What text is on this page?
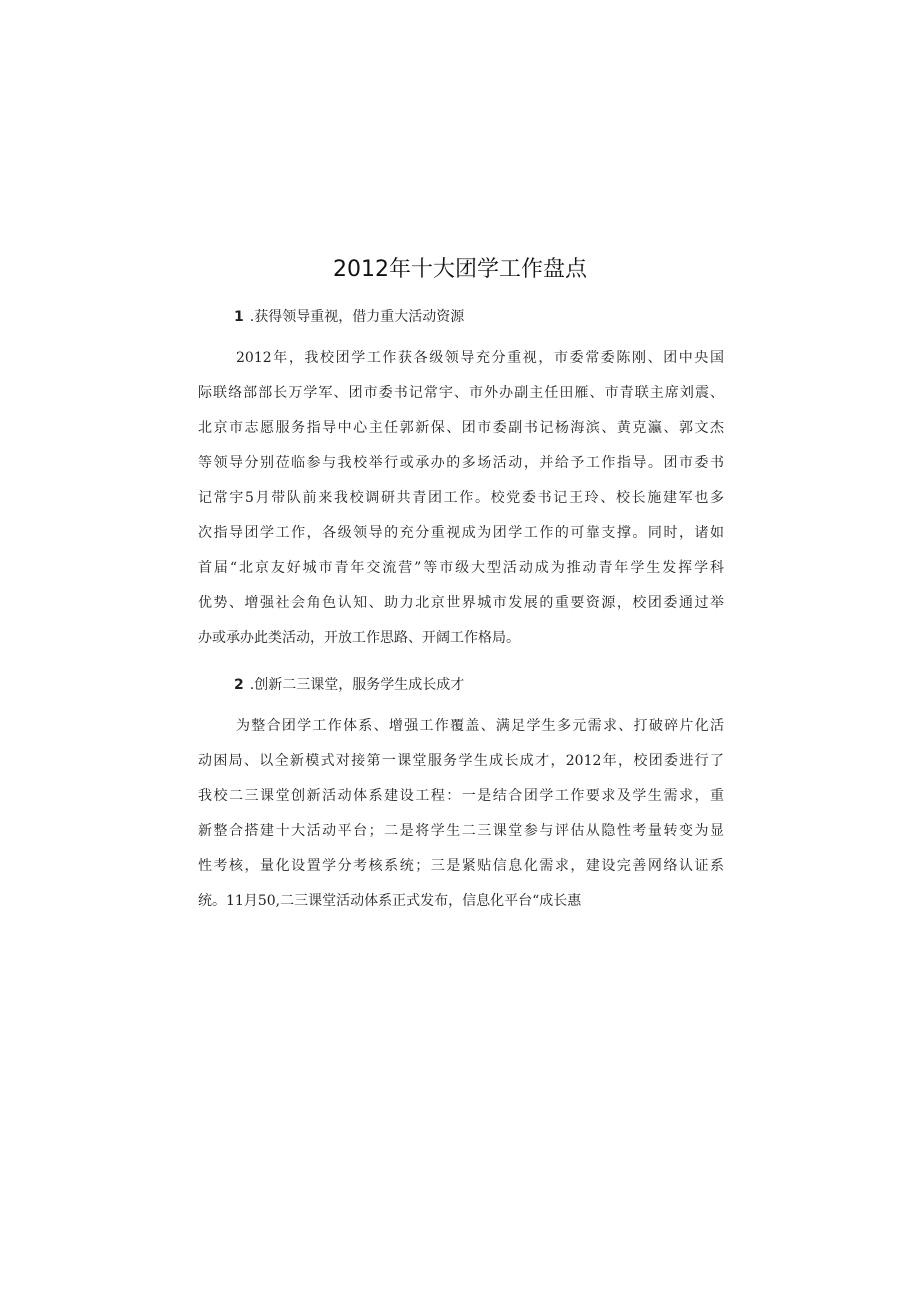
2012年十大团学工作盘点
1 .获得领导重视，借力重大活动资源
2012年，我校团学工作获各级领导充分重视，市委常委陈刚、团中央国
际联络部部长万学军、团市委书记常宇、市外办副主任田雁、市青联主席刘震、
北京市志愿服务指导中心主任郭新保、团市委副书记杨海滨、黄克瀛、郭文杰
等领导分别莅临参与我校举行或承办的多场活动，并给予工作指导。团市委书
记常宇5月带队前来我校调研共青团工作。校党委书记王玲、校长施建军也多
次指导团学工作，各级领导的充分重视成为团学工作的可靠支撑。同时，诸如
首届“北京友好城市青年交流营”等市级大型活动成为推动青年学生发挥学科
优势、增强社会角色认知、助力北京世界城市发展的重要资源，校团委通过举
办或承办此类活动，开放工作思路、开阔工作格局。
2 .创新二三课堂，服务学生成长成才
为整合团学工作体系、增强工作覆盖、满足学生多元需求、打破碎片化活
动困局、以全新模式对接第一课堂服务学生成长成才，2012年，校团委进行了
我校二三课堂创新活动体系建设工程：一是结合团学工作要求及学生需求，重
新整合搭建十大活动平台；二是将学生二三课堂参与评估从隐性考量转变为显
性考核，量化设置学分考核系统；三是紧贴信息化需求，建设完善网络认证系
统。11月50,二三课堂活动体系正式发布，信息化平台“成长惠
